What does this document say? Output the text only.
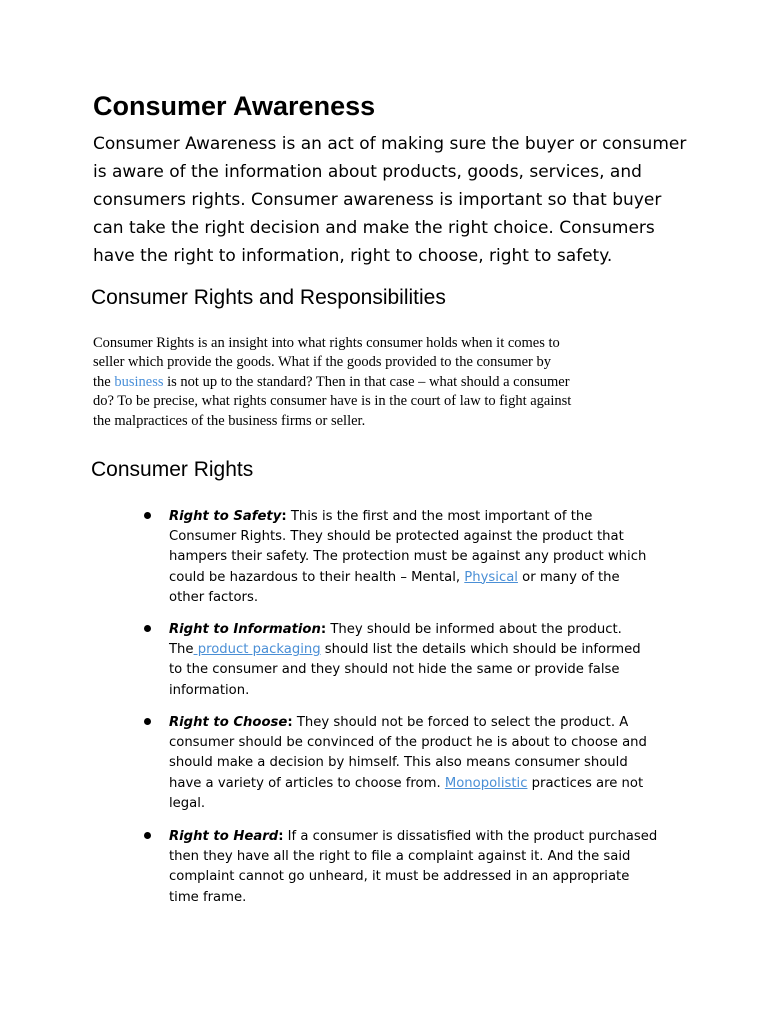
Consumer Awareness

Consumer Awareness is an act of making sure the buyer or consumer
is aware of the information about products, goods, services, and
consumers rights. Consumer awareness is important so that buyer
can take the right decision and make the right choice. Consumers
have the right to information, right to choose, right to safety.

Consumer Rights and Responsibilities

Consumer Rights is an insight into what rights consumer holds when it comes to
seller which provide the goods. What if the goods provided to the consumer by
the business is not up to the standard? Then in that case – what should a consumer
do? To be precise, what rights consumer have is in the court of law to fight against
the malpractices of the business firms or seller.

Consumer Rights
Right to Safety: This is the first and the most important of the
Consumer Rights. They should be protected against the product that
hampers their safety. The protection must be against any product which
could be hazardous to their health – Mental, Physical or many of the
other factors.
Right to Information: They should be informed about the product.
The product packaging should list the details which should be informed
to the consumer and they should not hide the same or provide false
information.
Right to Choose: They should not be forced to select the product. A
consumer should be convinced of the product he is about to choose and
should make a decision by himself. This also means consumer should
have a variety of articles to choose from. Monopolistic practices are not
legal.
Right to Heard: If a consumer is dissatisfied with the product purchased
then they have all the right to file a complaint against it. And the said
complaint cannot go unheard, it must be addressed in an appropriate
time frame.
